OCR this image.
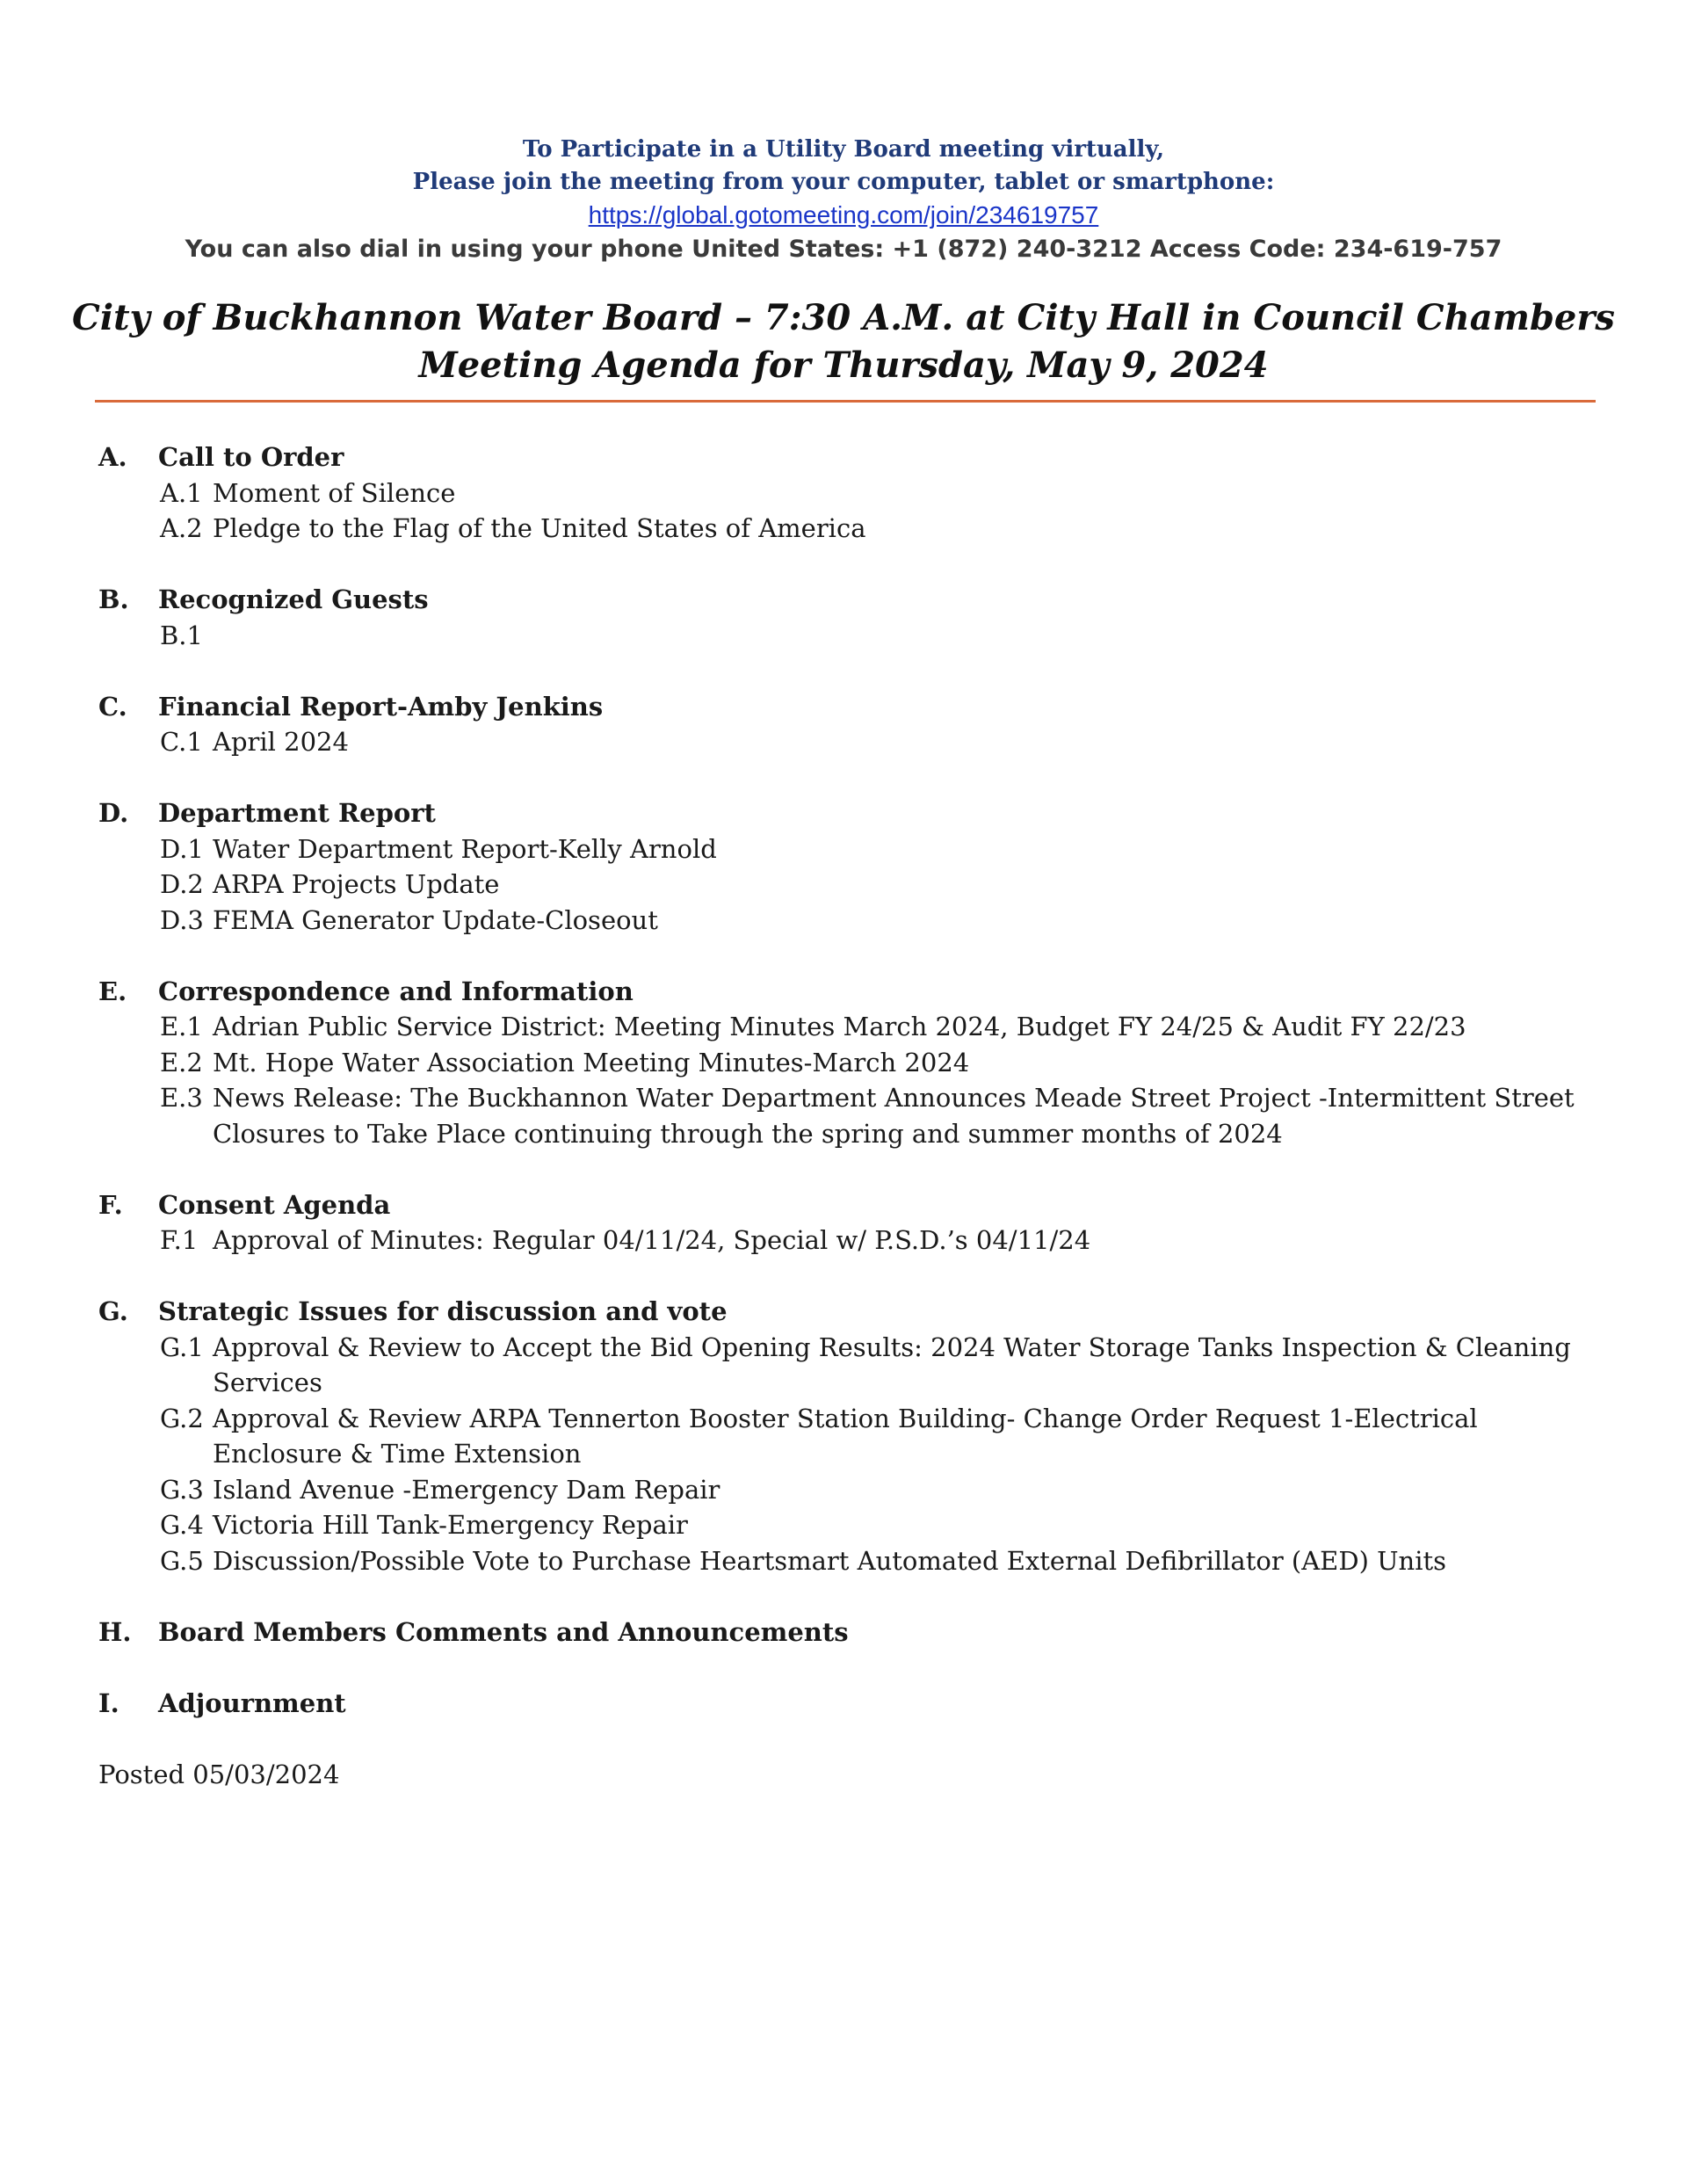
To Participate in a Utility Board meeting virtually,
Please join the meeting from your computer, tablet or smartphone:
https://global.gotomeeting.com/join/234619757
You can also dial in using your phone United States: +1 (872) 240-3212 Access Code: 234-619-757
City of Buckhannon Water Board – 7:30 A.M. at City Hall in Council Chambers
Meeting Agenda for Thursday, May 9, 2024
A.	Call to Order
A.1 Moment of Silence
A.2 Pledge to the Flag of the United States of America
B.	Recognized Guests
B.1
C.	Financial Report-Amby Jenkins
C.1 April 2024
D.	Department Report
D.1 Water Department Report-Kelly Arnold
D.2 ARPA Projects Update
D.3 FEMA Generator Update-Closeout
E.	Correspondence and Information
E.1 Adrian Public Service District: Meeting Minutes March 2024, Budget FY 24/25 & Audit FY 22/23
E.2 Mt. Hope Water Association Meeting Minutes-March 2024
E.3 News Release: The Buckhannon Water Department Announces Meade Street Project -Intermittent Street Closures to Take Place continuing through the spring and summer months of 2024
F.	Consent Agenda
F.1 Approval of Minutes: Regular 04/11/24, Special w/ P.S.D.’s 04/11/24
G.	Strategic Issues for discussion and vote
G.1 Approval & Review to Accept the Bid Opening Results: 2024 Water Storage Tanks Inspection & Cleaning Services
G.2 Approval & Review ARPA Tennerton Booster Station Building- Change Order Request 1-Electrical Enclosure & Time Extension
G.3 Island Avenue -Emergency Dam Repair
G.4 Victoria Hill Tank-Emergency Repair
G.5 Discussion/Possible Vote to Purchase Heartsmart Automated External Defibrillator (AED) Units
H.	Board Members Comments and Announcements
I.	Adjournment
Posted 05/03/2024
